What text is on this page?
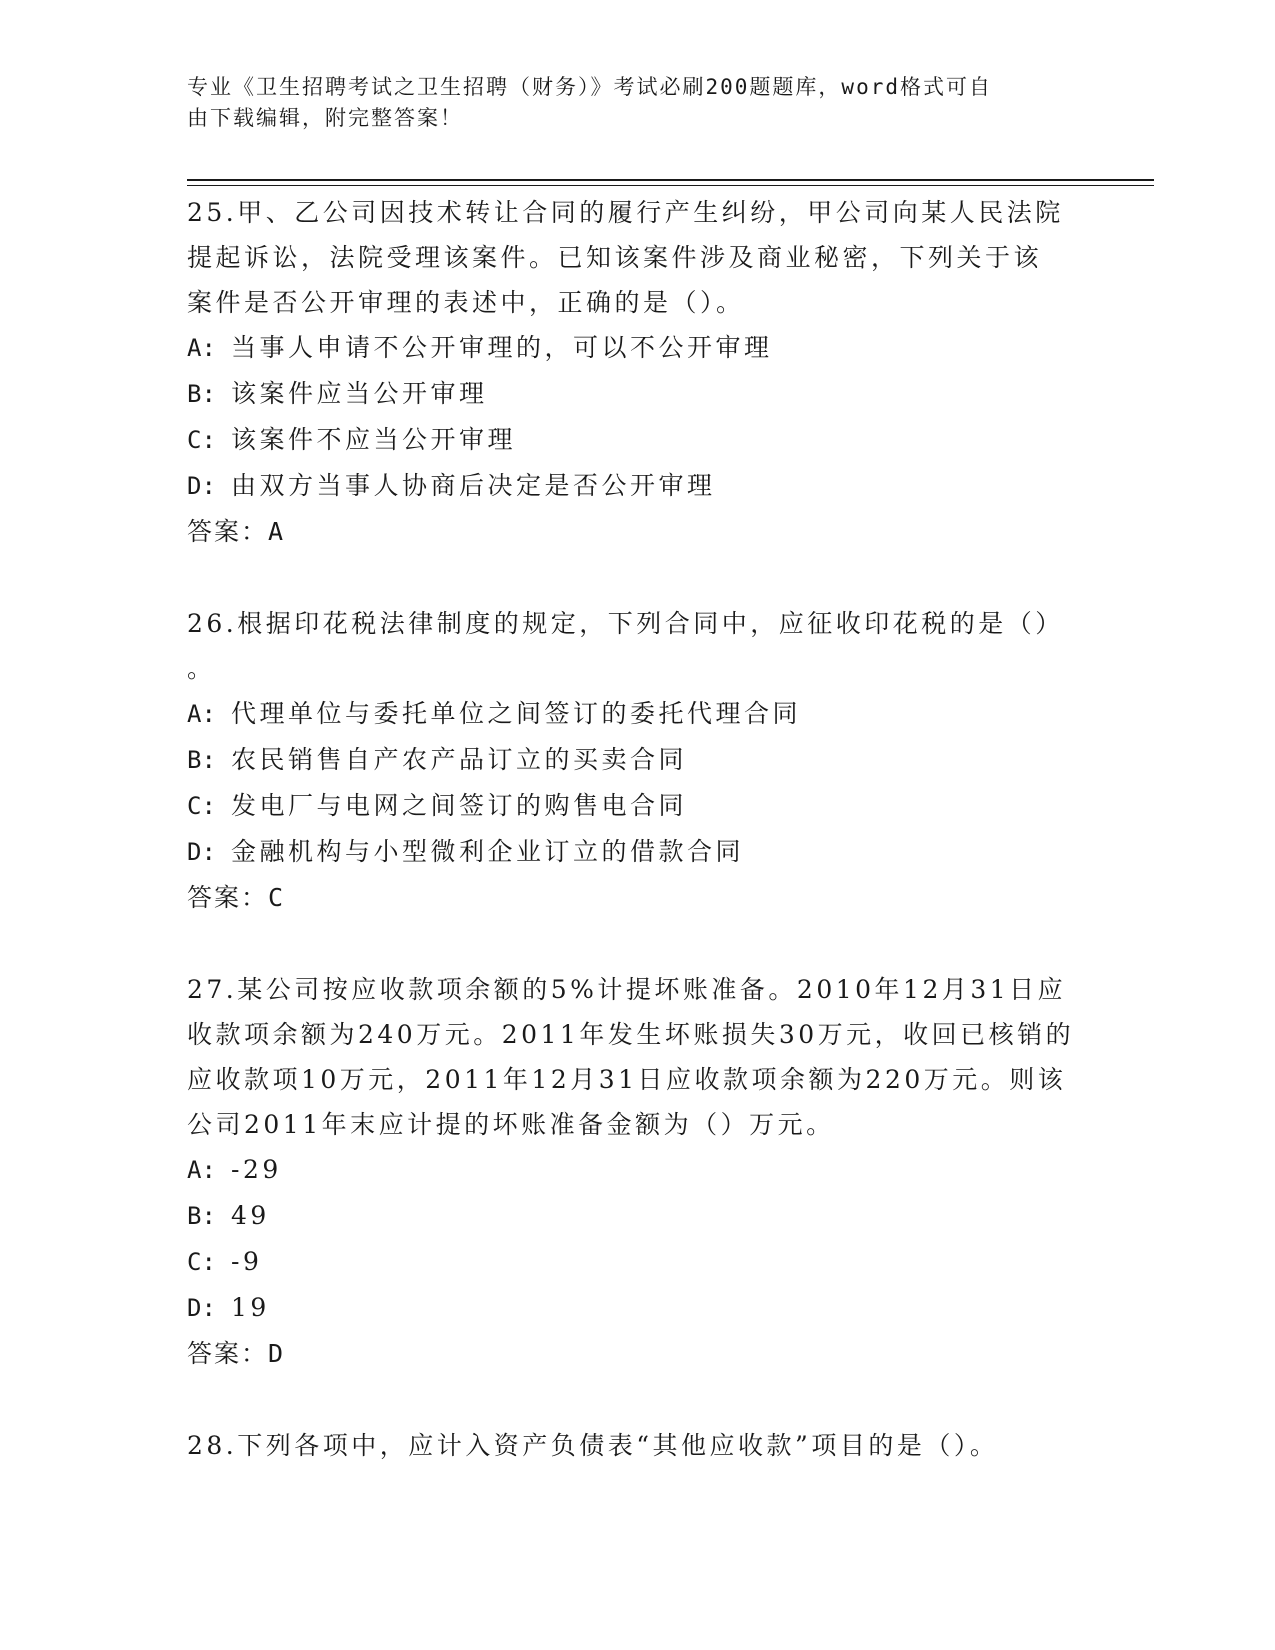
专业《卫生招聘考试之卫生招聘（财务）》考试必刷200题题库，word格式可自
由下载编辑，附完整答案！

25.甲、乙公司因技术转让合同的履行产生纠纷，甲公司向某人民法院

提起诉讼，法院受理该案件。已知该案件涉及商业秘密，下列关于该

案件是否公开审理的表述中，正确的是（）。

A: 当事人申请不公开审理的，可以不公开审理

B: 该案件应当公开审理

C: 该案件不应当公开审理

D: 由双方当事人协商后决定是否公开审理

答案：A

26.根据印花税法律制度的规定，下列合同中，应征收印花税的是（）

。

A: 代理单位与委托单位之间签订的委托代理合同

B: 农民销售自产农产品订立的买卖合同

C: 发电厂与电网之间签订的购售电合同

D: 金融机构与小型微利企业订立的借款合同

答案：C

27.某公司按应收款项余额的5%计提坏账准备。2010年12月31日应

收款项余额为240万元。2011年发生坏账损失30万元，收回已核销的

应收款项10万元，2011年12月31日应收款项余额为220万元。则该

公司2011年末应计提的坏账准备金额为（）万元。

A: -29

B: 49

C: -9

D: 19

答案：D

28.下列各项中，应计入资产负债表“其他应收款”项目的是（）。
